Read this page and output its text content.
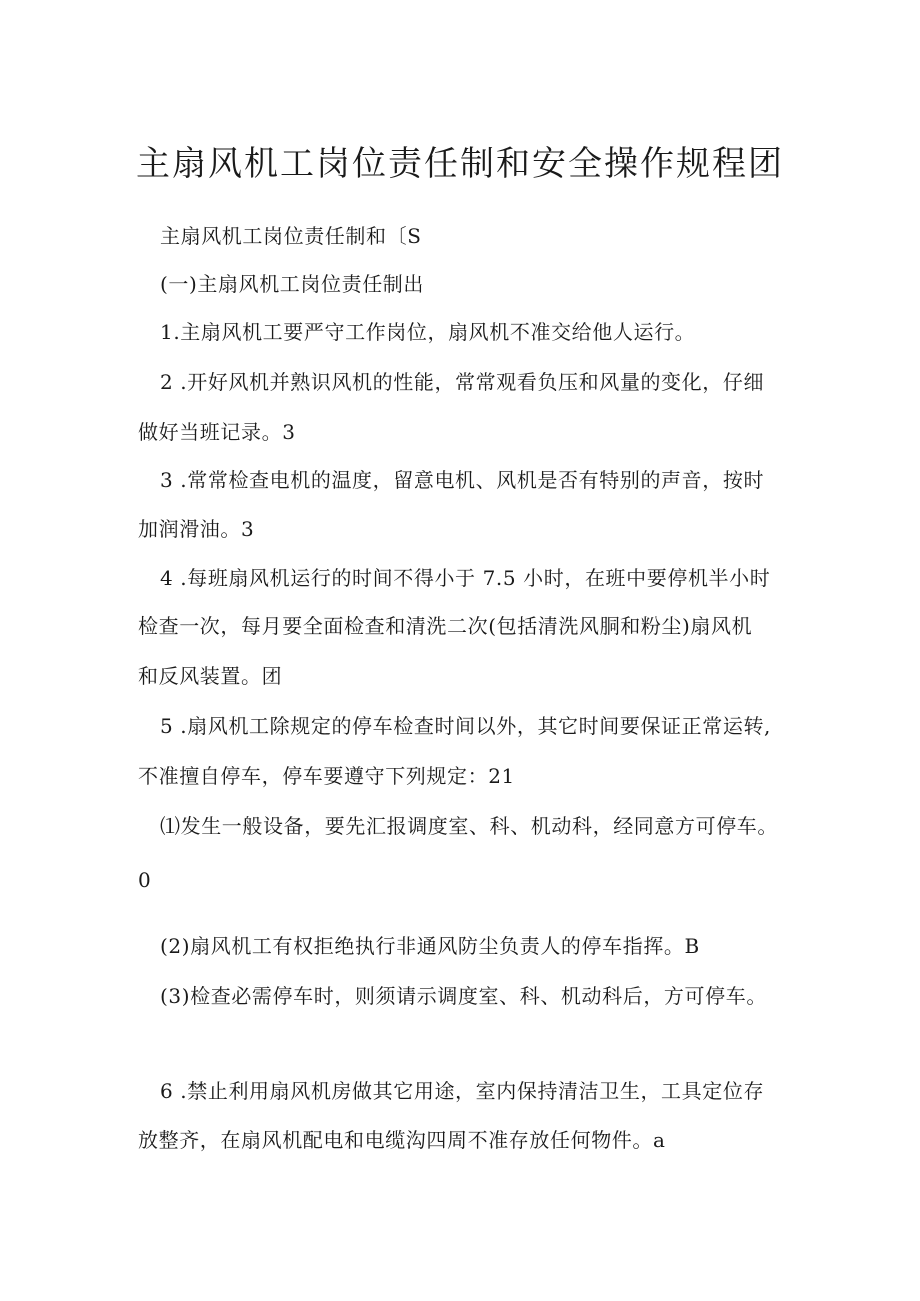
主扇风机工岗位责任制和安全操作规程团
主扇风机工岗位责任制和〔S
(一)主扇风机工岗位责任制出
1.主扇风机工要严守工作岗位，扇风机不准交给他人运行。
2 .开好风机并熟识风机的性能，常常观看负压和风量的变化，仔细
做好当班记录。3
3 .常常检查电机的温度，留意电机、风机是否有特别的声音，按时
加润滑油。3
4 .每班扇风机运行的时间不得小于 7.5 小时，在班中要停机半小时
检查一次，每月要全面检查和清洗二次(包括清洗风胴和粉尘)扇风机
和反风装置。团
5 .扇风机工除规定的停车检查时间以外，其它时间要保证正常运转,
不准擅自停车，停车要遵守下列规定：21
⑴发生一般设备，要先汇报调度室、科、机动科，经同意方可停车。
0
(2)扇风机工有权拒绝执行非通风防尘负责人的停车指挥。B
(3)检查必需停车时，则须请示调度室、科、机动科后，方可停车。
6 .禁止利用扇风机房做其它用途，室内保持清洁卫生，工具定位存
放整齐，在扇风机配电和电缆沟四周不准存放任何物件。a
